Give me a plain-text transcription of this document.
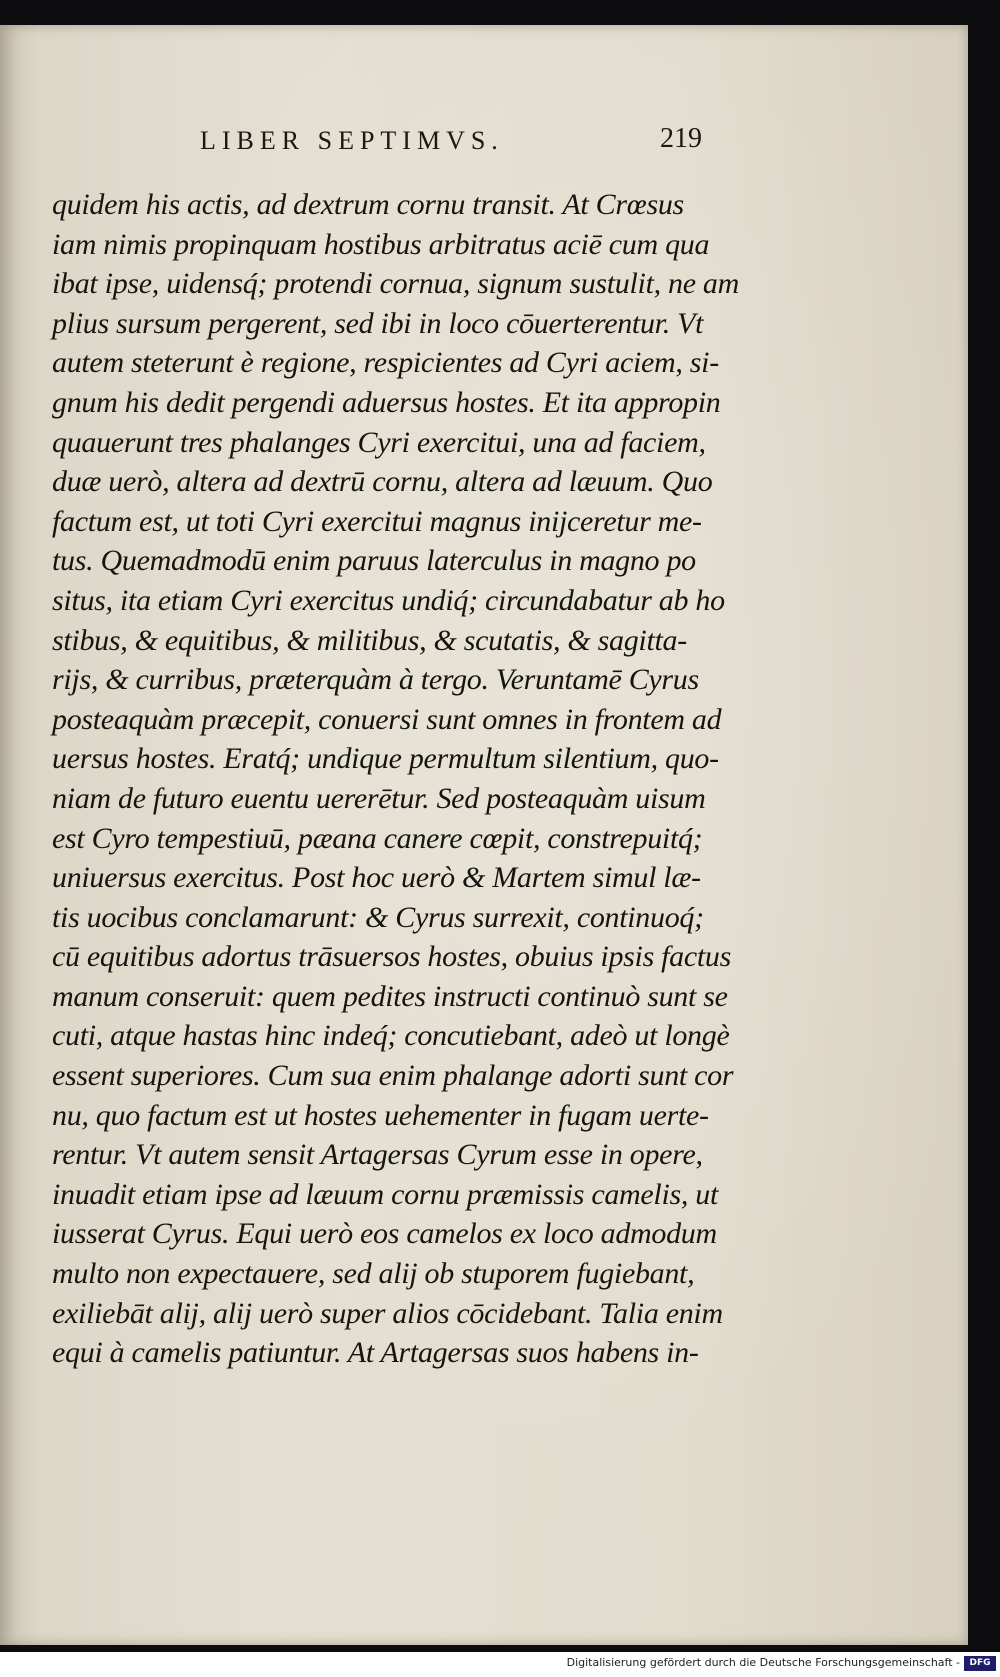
LIBER SEPTIMVS.	219
quidem his actis, ad dextrum cornu transit. At Crœsus
iam nimis propinquam hostibus arbitratus aciē cum qua
ibat ipse, uidensq́; protendi cornua, signum sustulit, ne am
plius sursum pergerent, sed ibi in loco cōuerterentur. Vt
autem steterunt è regione, respicientes ad Cyri aciem, si-
gnum his dedit pergendi aduersus hostes. Et ita appropin
quauerunt tres phalanges Cyri exercitui, una ad faciem,
duæ uerò, altera ad dextrū cornu, altera ad læuum. Quo
factum est, ut toti Cyri exercitui magnus inijceretur me-
tus. Quemadmodū enim paruus laterculus in magno po
situs, ita etiam Cyri exercitus undiq́; circundabatur ab ho
stibus, & equitibus, & militibus, & scutatis, & sagitta-
rijs, & curribus, præterquàm à tergo. Veruntamē Cyrus
posteaquàm præcepit, conuersi sunt omnes in frontem ad
uersus hostes. Eratq́; undique permultum silentium, quo-
niam de futuro euentu uererētur. Sed posteaquàm uisum
est Cyro tempestiuū, pæana canere cœpit, constrepuitq́;
uniuersus exercitus. Post hoc uerò & Martem simul læ-
tis uocibus conclamarunt: & Cyrus surrexit, continuoq́;
cū equitibus adortus trāsuersos hostes, obuius ipsis factus
manum conseruit: quem pedites instructi continuò sunt se
cuti, atque hastas hinc indeq́; concutiebant, adeò ut longè
essent superiores. Cum sua enim phalange adorti sunt cor
nu, quo factum est ut hostes uehementer in fugam uerte-
rentur. Vt autem sensit Artagersas Cyrum esse in opere,
inuadit etiam ipse ad læuum cornu præmissis camelis, ut
iusserat Cyrus. Equi uerò eos camelos ex loco admodum
multo non expectauere, sed alij ob stuporem fugiebant,
exiliebāt alij, alij uerò super alios cōcidebant. Talia enim
equi à camelis patiuntur. At Artagersas suos habens in-
Digitalisierung gefördert durch die Deutsche Forschungsgemeinschaft -	DFG
